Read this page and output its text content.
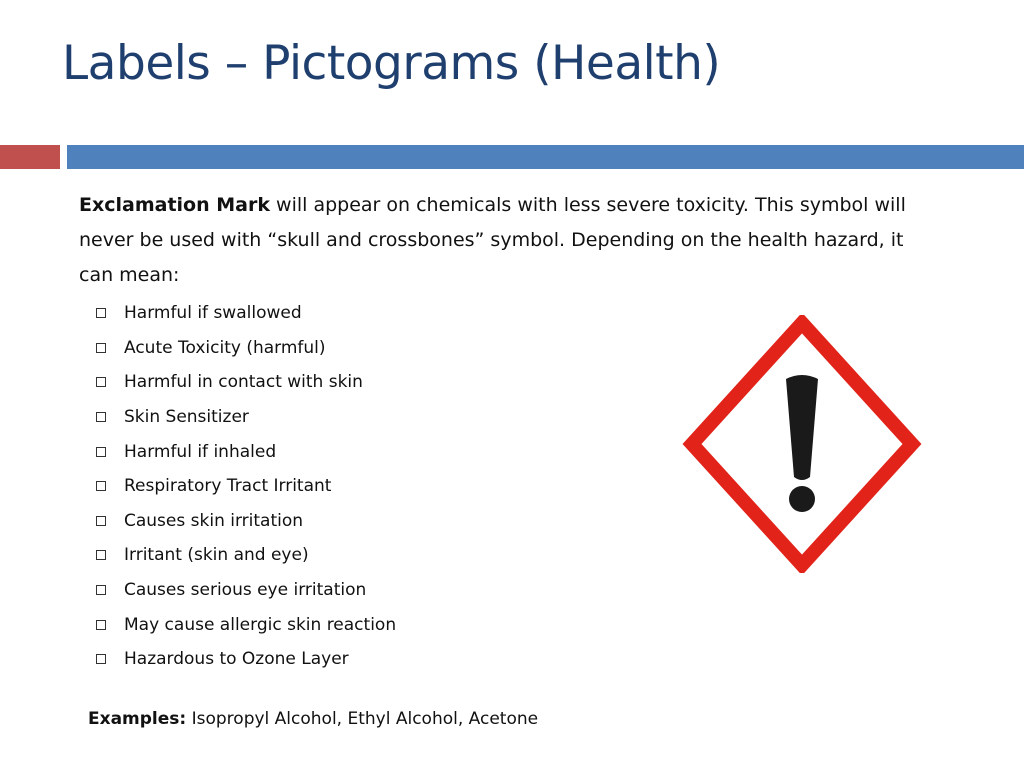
Labels – Pictograms (Health)

Exclamation Mark will appear on chemicals with less severe toxicity. This symbol will never be used with “skull and crossbones” symbol. Depending on the health hazard, it can mean:

Harmful if swallowed
Acute Toxicity (harmful)
Harmful in contact with skin
Skin Sensitizer
Harmful if inhaled
Respiratory Tract Irritant
Causes skin irritation
Irritant (skin and eye)
Causes serious eye irritation
May cause allergic skin reaction
Hazardous to Ozone Layer

Examples: Isopropyl Alcohol, Ethyl Alcohol, Acetone
